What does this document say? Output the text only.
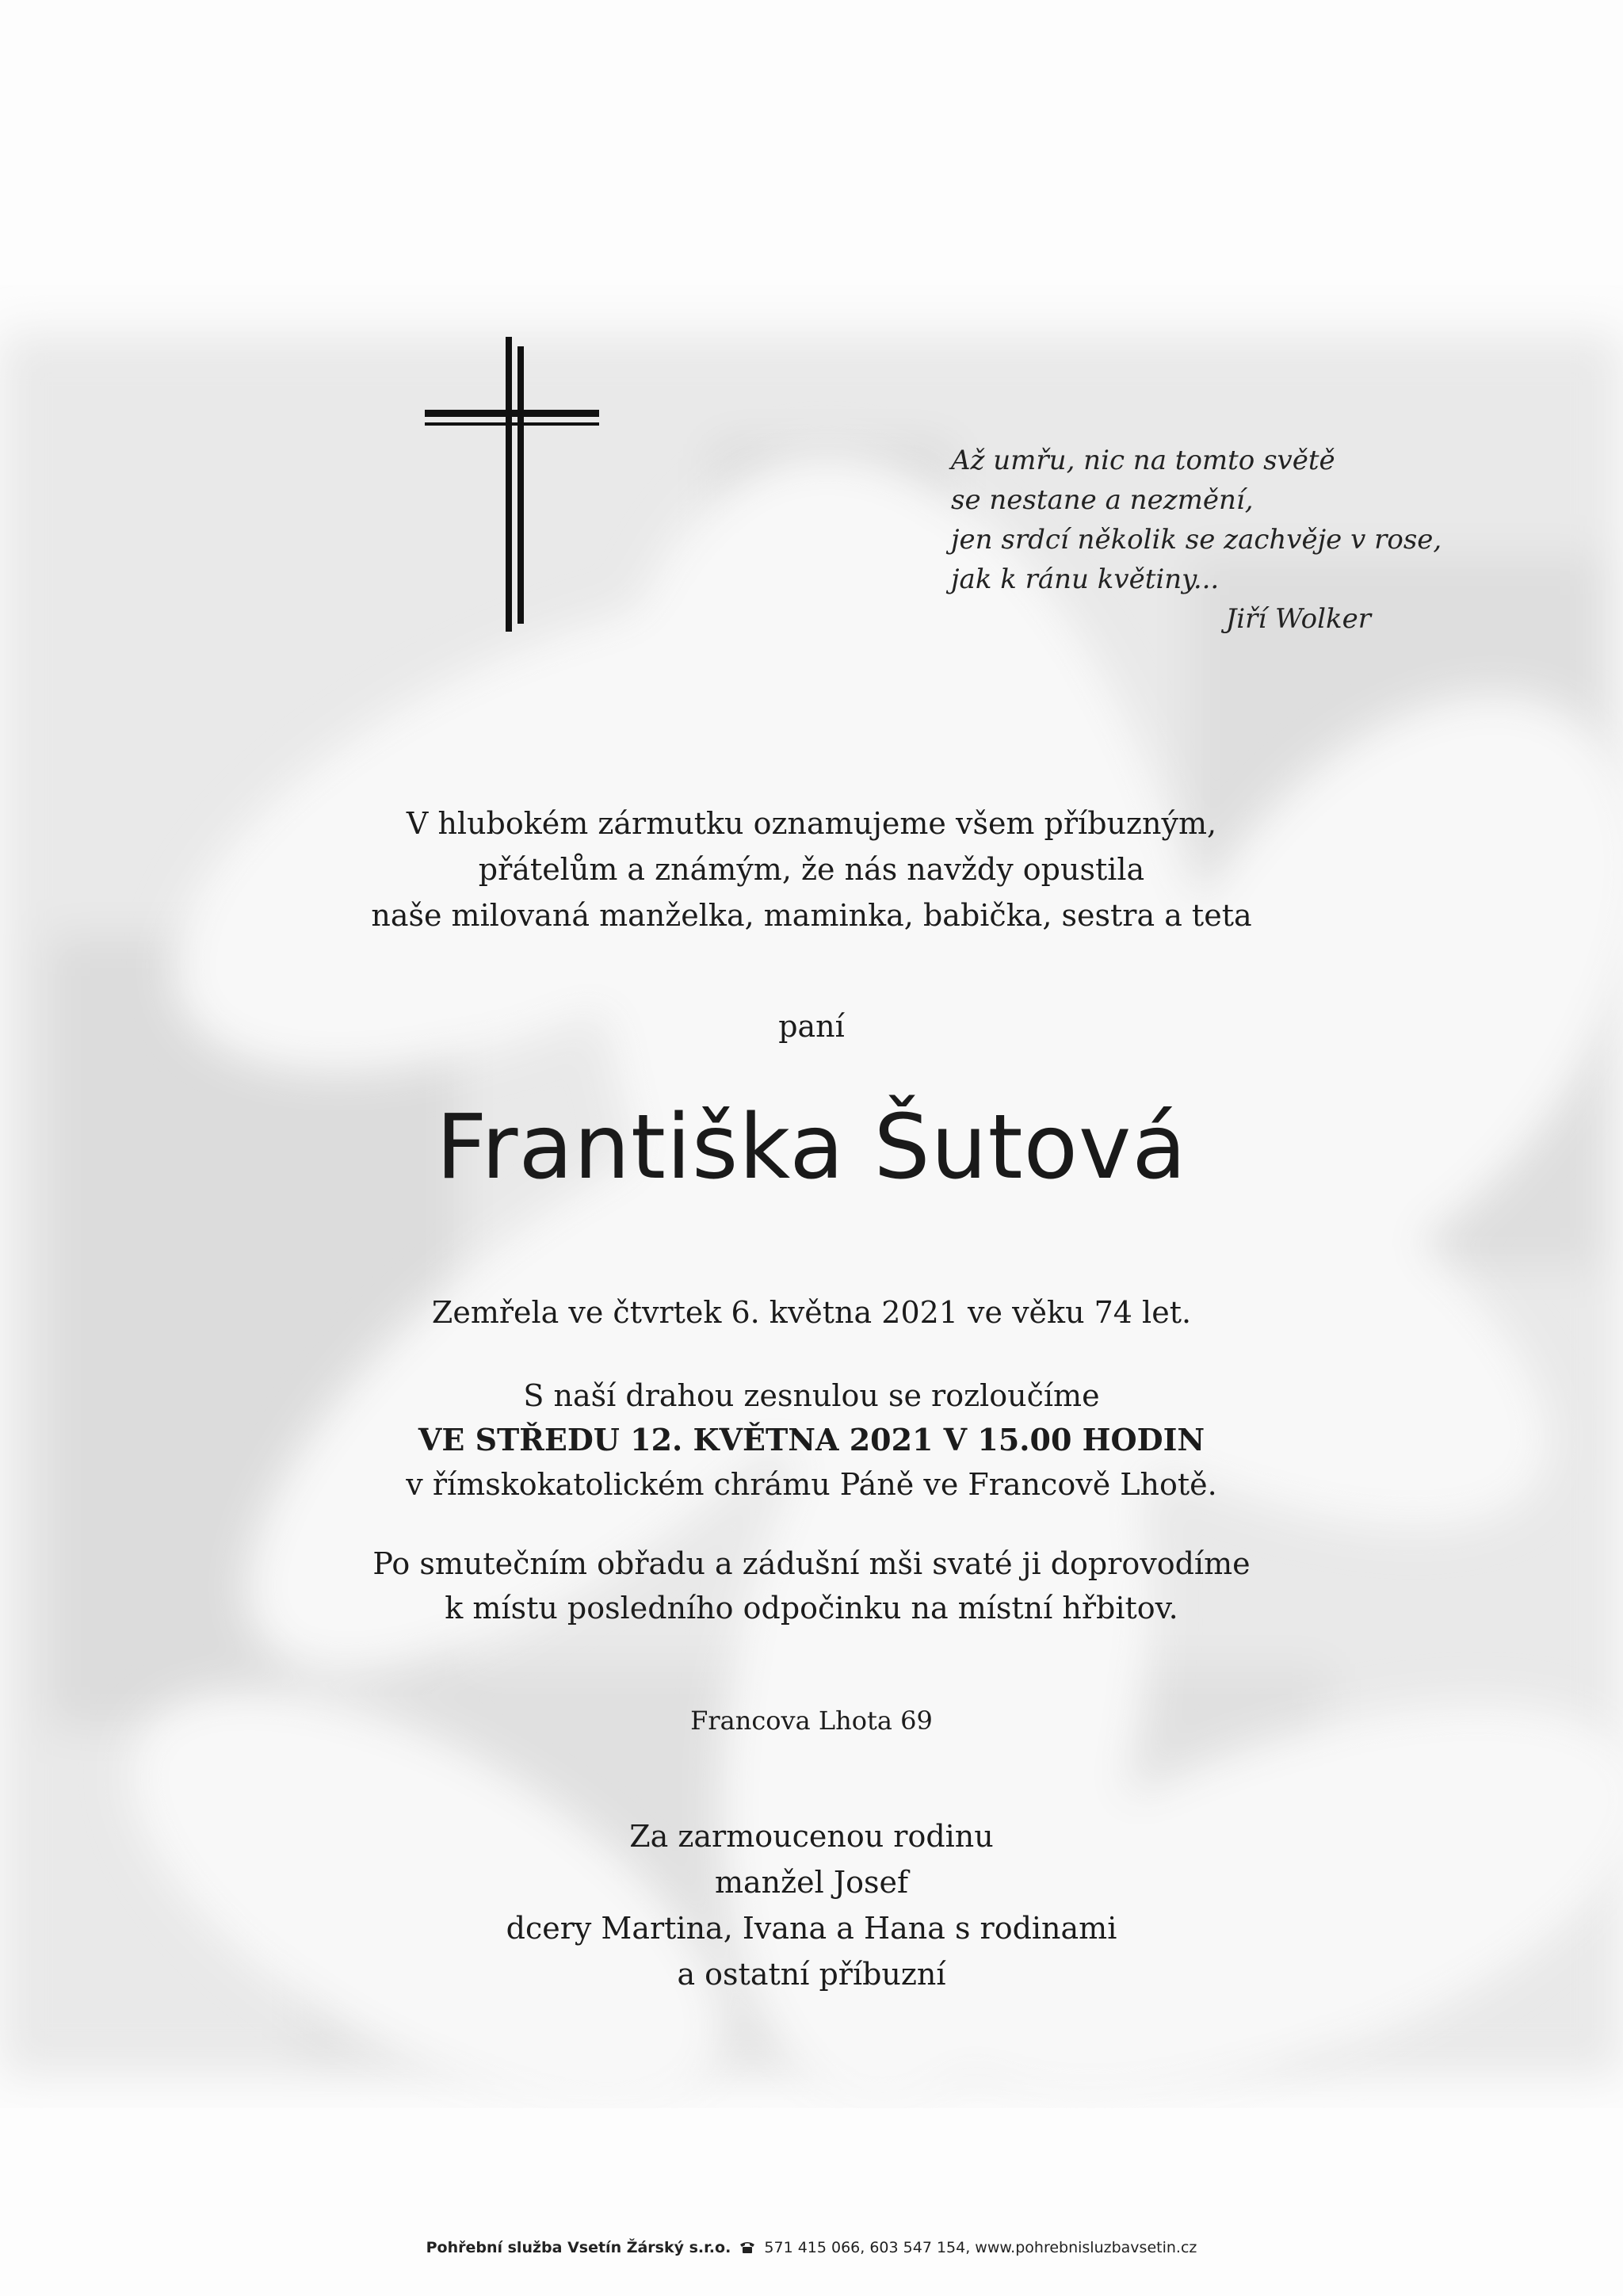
Až umřu, nic na tomto světě
se nestane a nezmění,
jen srdcí několik se zachvěje v rose,
jak k ránu květiny...
Jiří Wolker
V hlubokém zármutku oznamujeme všem příbuzným,
přátelům a známým, že nás navždy opustila
naše milovaná manželka, maminka, babička, sestra a teta
paní
Františka Šutová
Zemřela ve čtvrtek 6. května 2021 ve věku 74 let.
S naší drahou zesnulou se rozloučíme
VE STŘEDU 12. KVĚTNA 2021 V 15.00 HODIN
v římskokatolickém chrámu Páně ve Francově Lhotě.
Po smutečním obřadu a zádušní mši svaté ji doprovodíme
k místu posledního odpočinku na místní hřbitov.
Francova Lhota 69
Za zarmoucenou rodinu
manžel Josef
dcery Martina, Ivana a Hana s rodinami
a ostatní příbuzní
Pohřební služba Vsetín Žárský s.r.o. 571 415 066, 603 547 154, www.pohrebnisluzbavsetin.cz
